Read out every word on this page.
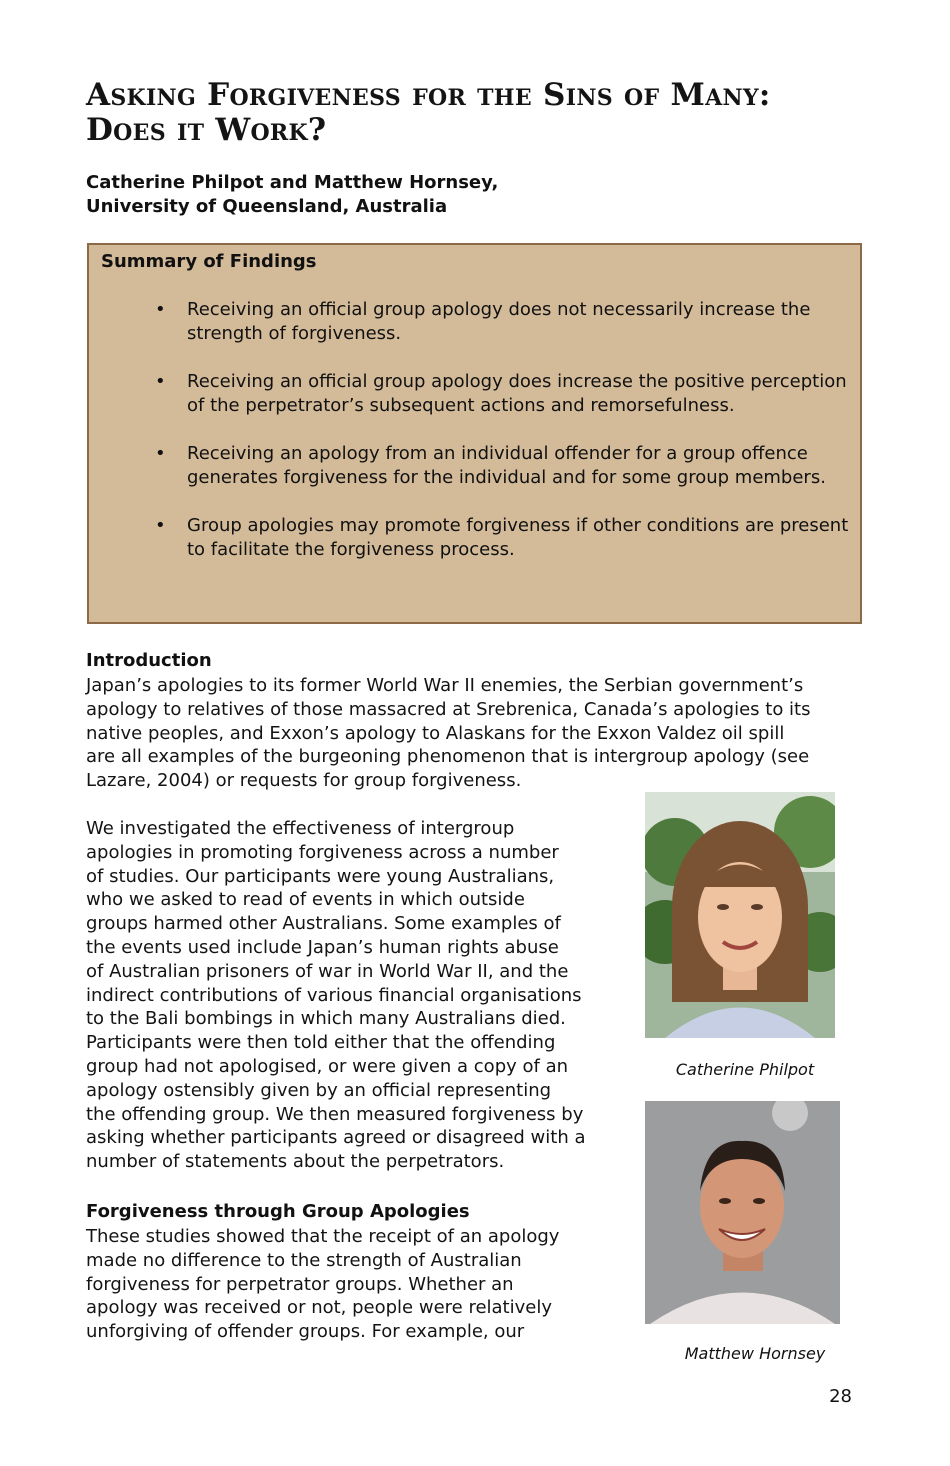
Asking Forgiveness for the Sins of Many:
Does it Work?
Catherine Philpot and Matthew Hornsey,
University of Queensland, Australia
Summary of Findings
• Receiving an official group apology does not necessarily increase the strength of forgiveness.
• Receiving an official group apology does increase the positive perception of the perpetrator’s subsequent actions and remorsefulness.
• Receiving an apology from an individual offender for a group offence generates forgiveness for the individual and for some group members.
• Group apologies may promote forgiveness if other conditions are present to facilitate the forgiveness process.
Introduction
Japan’s apologies to its former World War II enemies, the Serbian government’s
apology to relatives of those massacred at Srebrenica, Canada’s apologies to its
native peoples, and Exxon’s apology to Alaskans for the Exxon Valdez oil spill
are all examples of the burgeoning phenomenon that is intergroup apology (see
Lazare, 2004) or requests for group forgiveness.
We investigated the effectiveness of intergroup
apologies in promoting forgiveness across a number
of studies. Our participants were young Australians,
who we asked to read of events in which outside
groups harmed other Australians. Some examples of
the events used include Japan’s human rights abuse
of Australian prisoners of war in World War II, and the
indirect contributions of various financial organisations
to the Bali bombings in which many Australians died.
Participants were then told either that the offending
group had not apologised, or were given a copy of an
apology ostensibly given by an official representing
the offending group. We then measured forgiveness by
asking whether participants agreed or disagreed with a
number of statements about the perpetrators.
Forgiveness through Group Apologies
These studies showed that the receipt of an apology
made no difference to the strength of Australian
forgiveness for perpetrator groups. Whether an
apology was received or not, people were relatively
unforgiving of offender groups. For example, our
Catherine Philpot
Matthew Hornsey
28
